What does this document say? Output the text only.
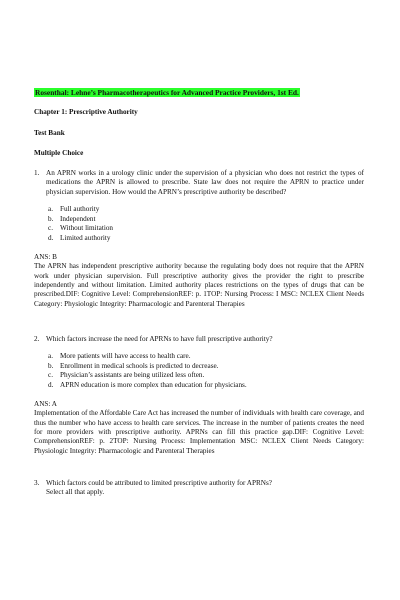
Rosenthal: Lehne’s Pharmacotherapeutics for Advanced Practice Providers, 1st Ed.
Chapter 1: Prescriptive Authority
Test Bank
Multiple Choice
1. An APRN works in a urology clinic under the supervision of a physician who does not restrict the types of medications the APRN is allowed to prescribe. State law does not require the APRN to practice under physician supervision. How would the APRN’s prescriptive authority be described?
a. Full authority
b. Independent
c. Without limitation
d. Limited authority
ANS: B
The APRN has independent prescriptive authority because the regulating body does not require that the APRN work under physician supervision. Full prescriptive authority gives the provider the right to prescribe independently and without limitation. Limited authority places restrictions on the types of drugs that can be prescribed.DIF: Cognitive Level: ComprehensionREF: p. 1TOP: Nursing Process: I MSC: NCLEX Client Needs Category: Physiologic Integrity: Pharmacologic and Parenteral Therapies
2. Which factors increase the need for APRNs to have full prescriptive authority?
a. More patients will have access to health care.
b. Enrollment in medical schools is predicted to decrease.
c. Physician’s assistants are being utilized less often.
d. APRN education is more complex than education for physicians.
ANS: A
Implementation of the Affordable Care Act has increased the number of individuals with health care coverage, and thus the number who have access to health care services. The increase in the number of patients creates the need for more providers with prescriptive authority. APRNs can fill this practice gap.DIF: Cognitive Level: ComprehensionREF: p. 2TOP: Nursing Process: Implementation MSC: NCLEX Client Needs Category: Physiologic Integrity: Pharmacologic and Parenteral Therapies
3. Which factors could be attributed to limited prescriptive authority for APRNs?
Select all that apply.
